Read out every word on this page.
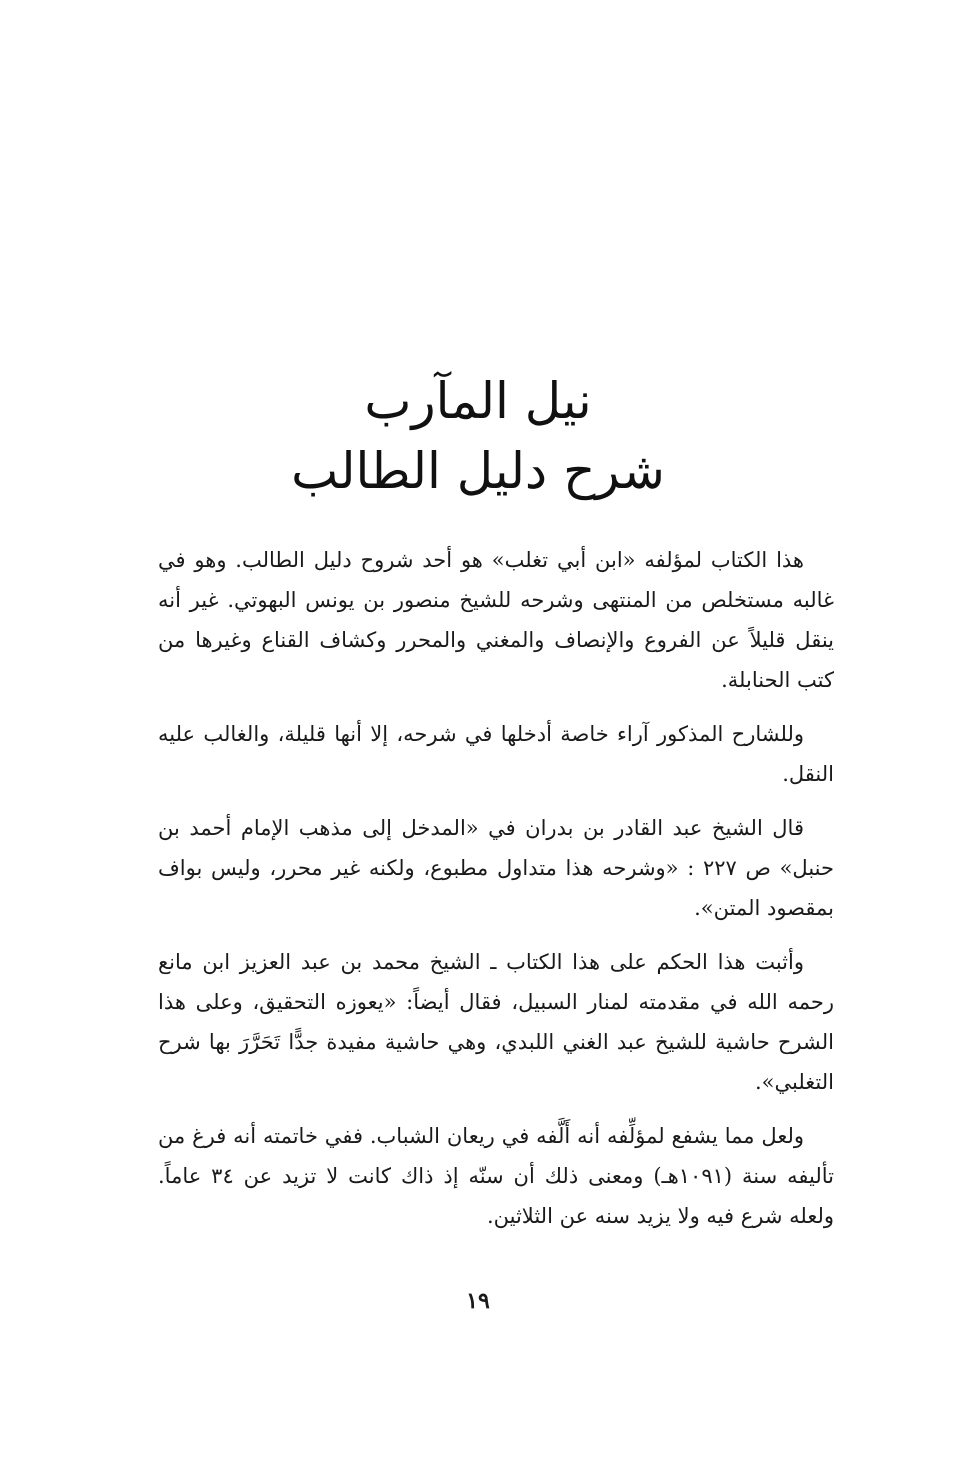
نيل المآرب
شرح دليل الطالب

هذا الكتاب لمؤلفه «ابن أبي تغلب» هو أحد شروح دليل الطالب. وهو في غالبه مستخلص من المنتهى وشرحه للشيخ منصور بن يونس البهوتي. غير أنه ينقل قليلاً عن الفروع والإنصاف والمغني والمحرر وكشاف القناع وغيرها من كتب الحنابلة.

وللشارح المذكور آراء خاصة أدخلها في شرحه، إلا أنها قليلة، والغالب عليه النقل.

قال الشيخ عبد القادر بن بدران في «المدخل إلى مذهب الإمام أحمد بن حنبل» ص ٢٢٧ : «وشرحه هذا متداول مطبوع، ولكنه غير محرر، وليس بواف بمقصود المتن».

وأثبت هذا الحكم على هذا الكتاب ـ الشيخ محمد بن عبد العزيز ابن مانع رحمه الله في مقدمته لمنار السبيل، فقال أيضاً: «يعوزه التحقيق، وعلى هذا الشرح حاشية للشيخ عبد الغني اللبدي، وهي حاشية مفيدة جدًّا تَحَرَّرَ بها شرح التغلبي».

ولعل مما يشفع لمؤلِّفه أنه أَلَّفه في ريعان الشباب. ففي خاتمته أنه فرغ من تأليفه سنة (١٠٩١هـ) ومعنى ذلك أن سنّه إذ ذاك كانت لا تزيد عن ٣٤ عاماً. ولعله شرع فيه ولا يزيد سنه عن الثلاثين.

١٩
